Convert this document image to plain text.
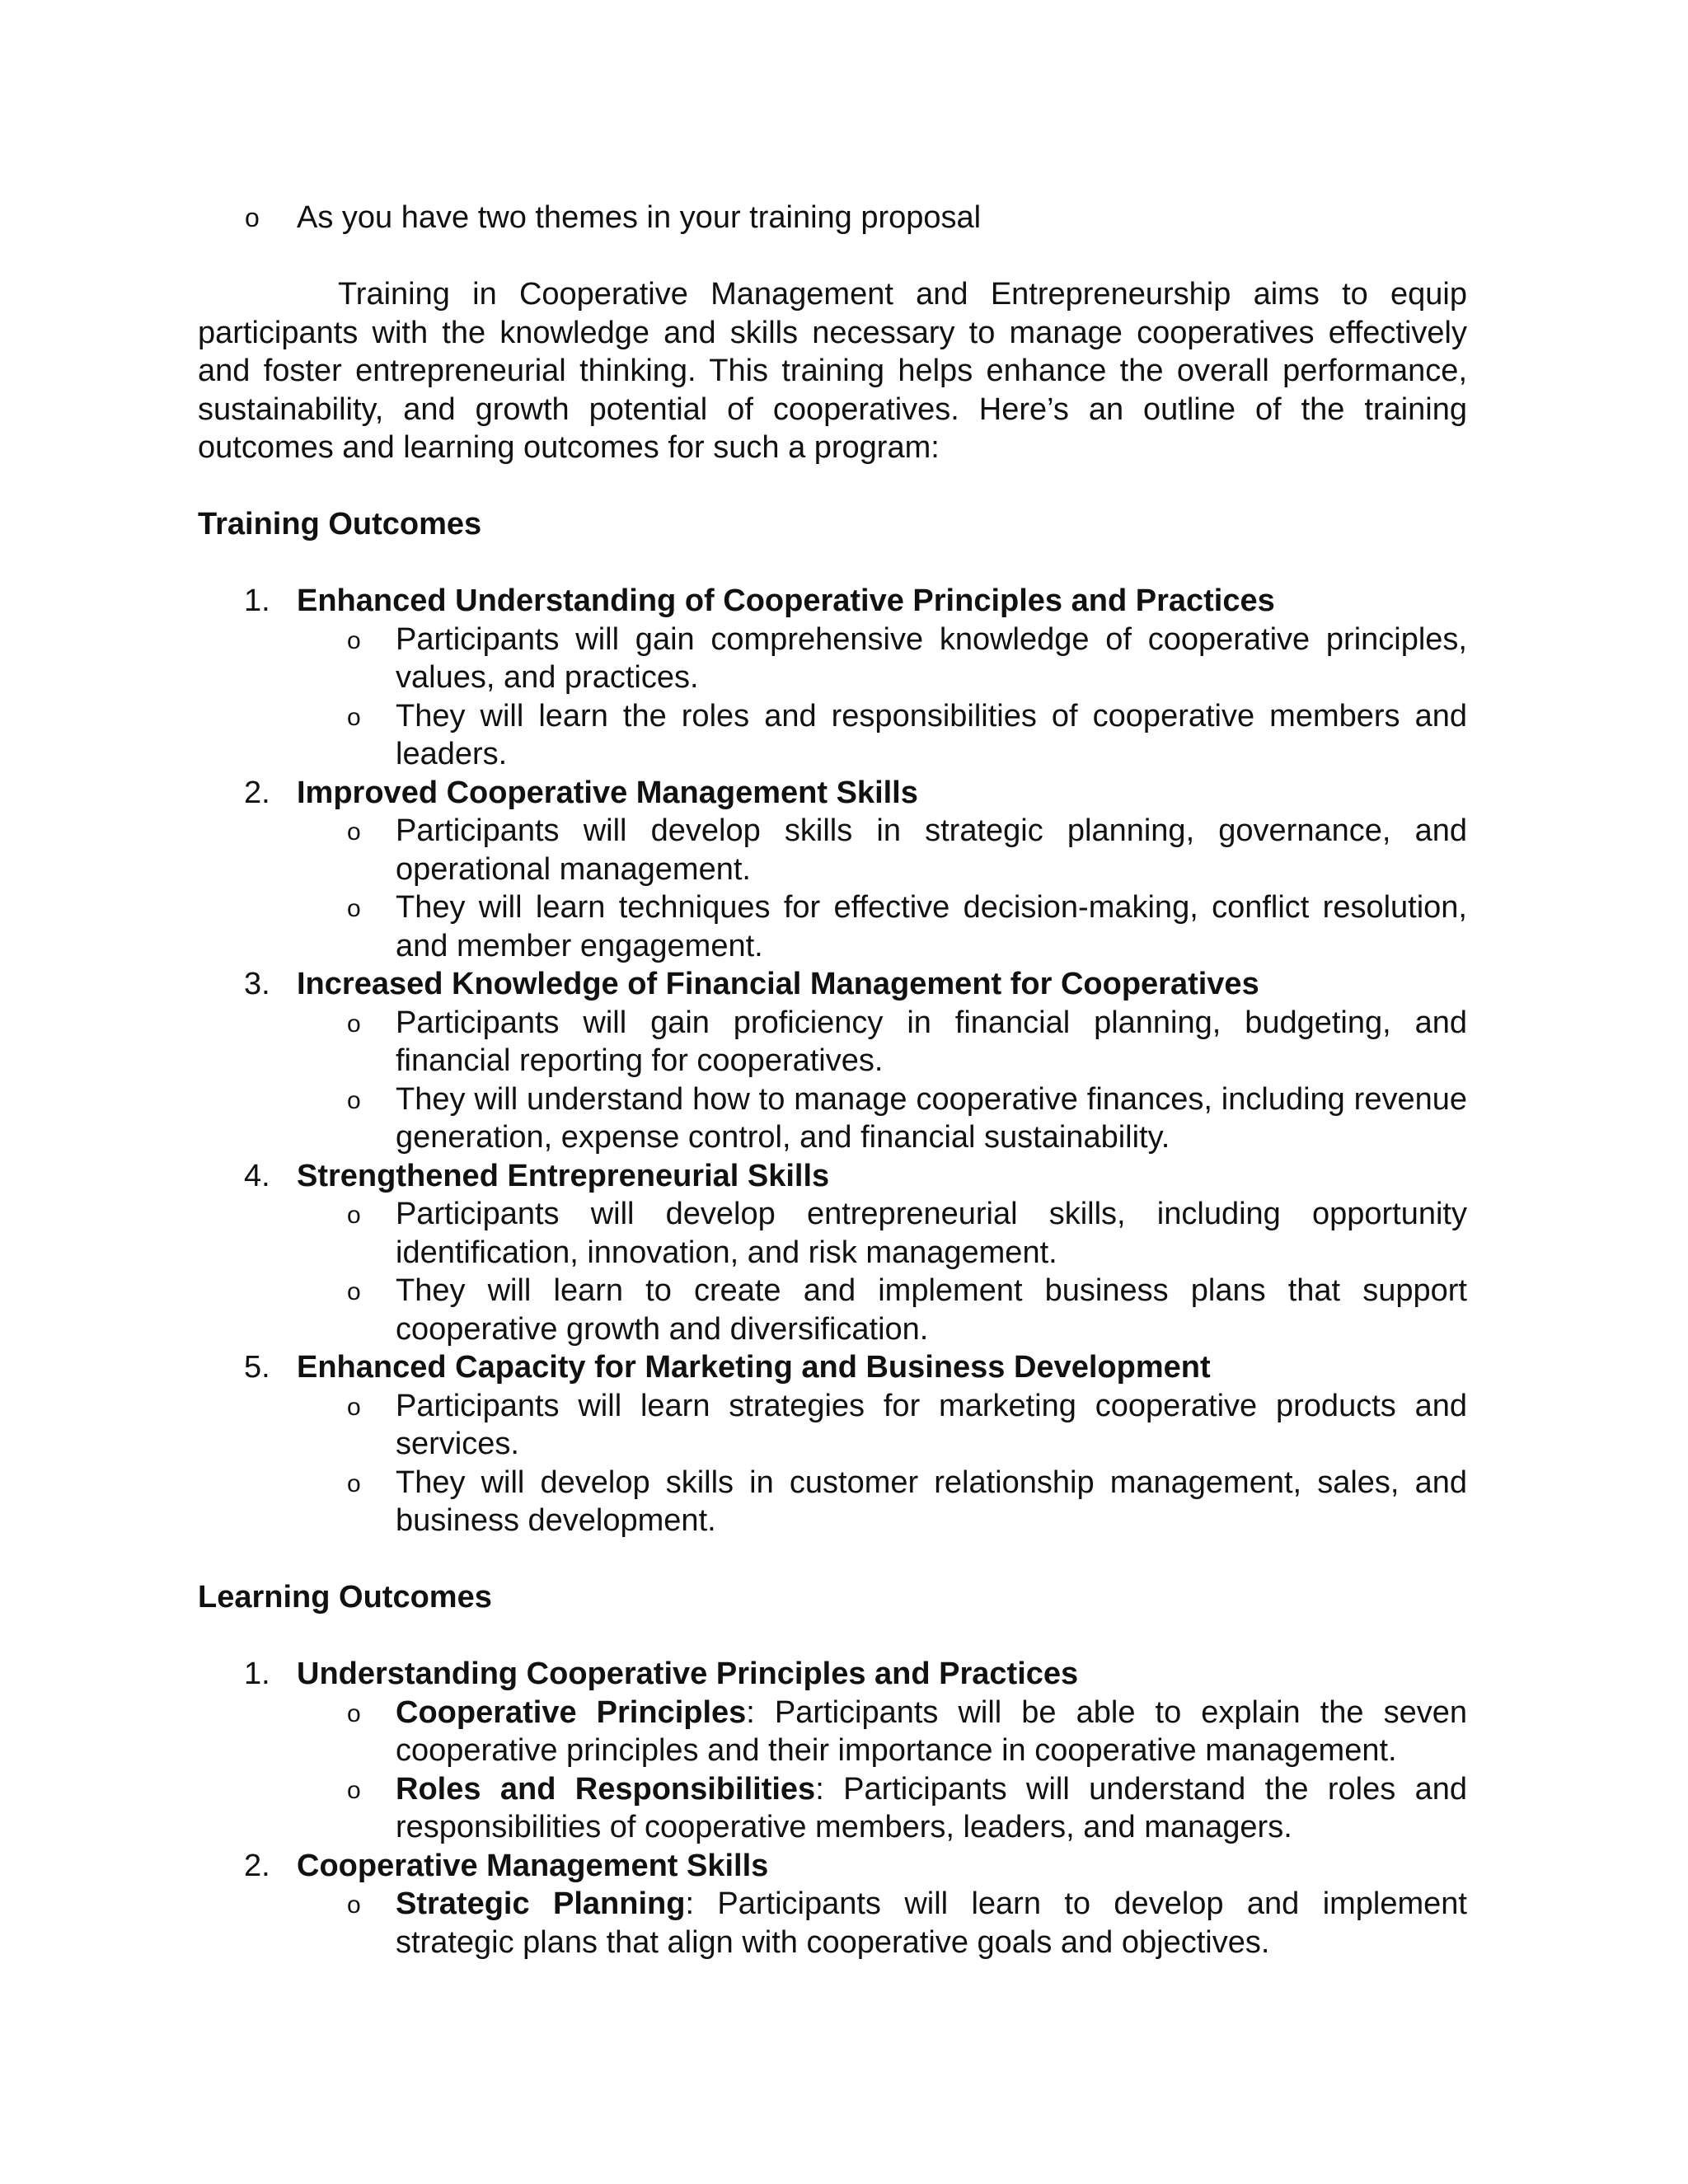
o As you have two themes in your training proposal

Training in Cooperative Management and Entrepreneurship aims to equip participants with the knowledge and skills necessary to manage cooperatives effectively and foster entrepreneurial thinking. This training helps enhance the overall performance, sustainability, and growth potential of cooperatives. Here’s an outline of the training outcomes and learning outcomes for such a program:

Training Outcomes
1. Enhanced Understanding of Cooperative Principles and Practices
o Participants will gain comprehensive knowledge of cooperative principles, values, and practices.
o They will learn the roles and responsibilities of cooperative members and leaders.
2. Improved Cooperative Management Skills
o Participants will develop skills in strategic planning, governance, and operational management.
o They will learn techniques for effective decision-making, conflict resolution, and member engagement.
3. Increased Knowledge of Financial Management for Cooperatives
o Participants will gain proficiency in financial planning, budgeting, and financial reporting for cooperatives.
o They will understand how to manage cooperative finances, including revenue generation, expense control, and financial sustainability.
4. Strengthened Entrepreneurial Skills
o Participants will develop entrepreneurial skills, including opportunity identification, innovation, and risk management.
o They will learn to create and implement business plans that support cooperative growth and diversification.
5. Enhanced Capacity for Marketing and Business Development
o Participants will learn strategies for marketing cooperative products and services.
o They will develop skills in customer relationship management, sales, and business development.
Learning Outcomes
1. Understanding Cooperative Principles and Practices
o Cooperative Principles: Participants will be able to explain the seven cooperative principles and their importance in cooperative management.
o Roles and Responsibilities: Participants will understand the roles and responsibilities of cooperative members, leaders, and managers.
2. Cooperative Management Skills
o Strategic Planning: Participants will learn to develop and implement strategic plans that align with cooperative goals and objectives.
